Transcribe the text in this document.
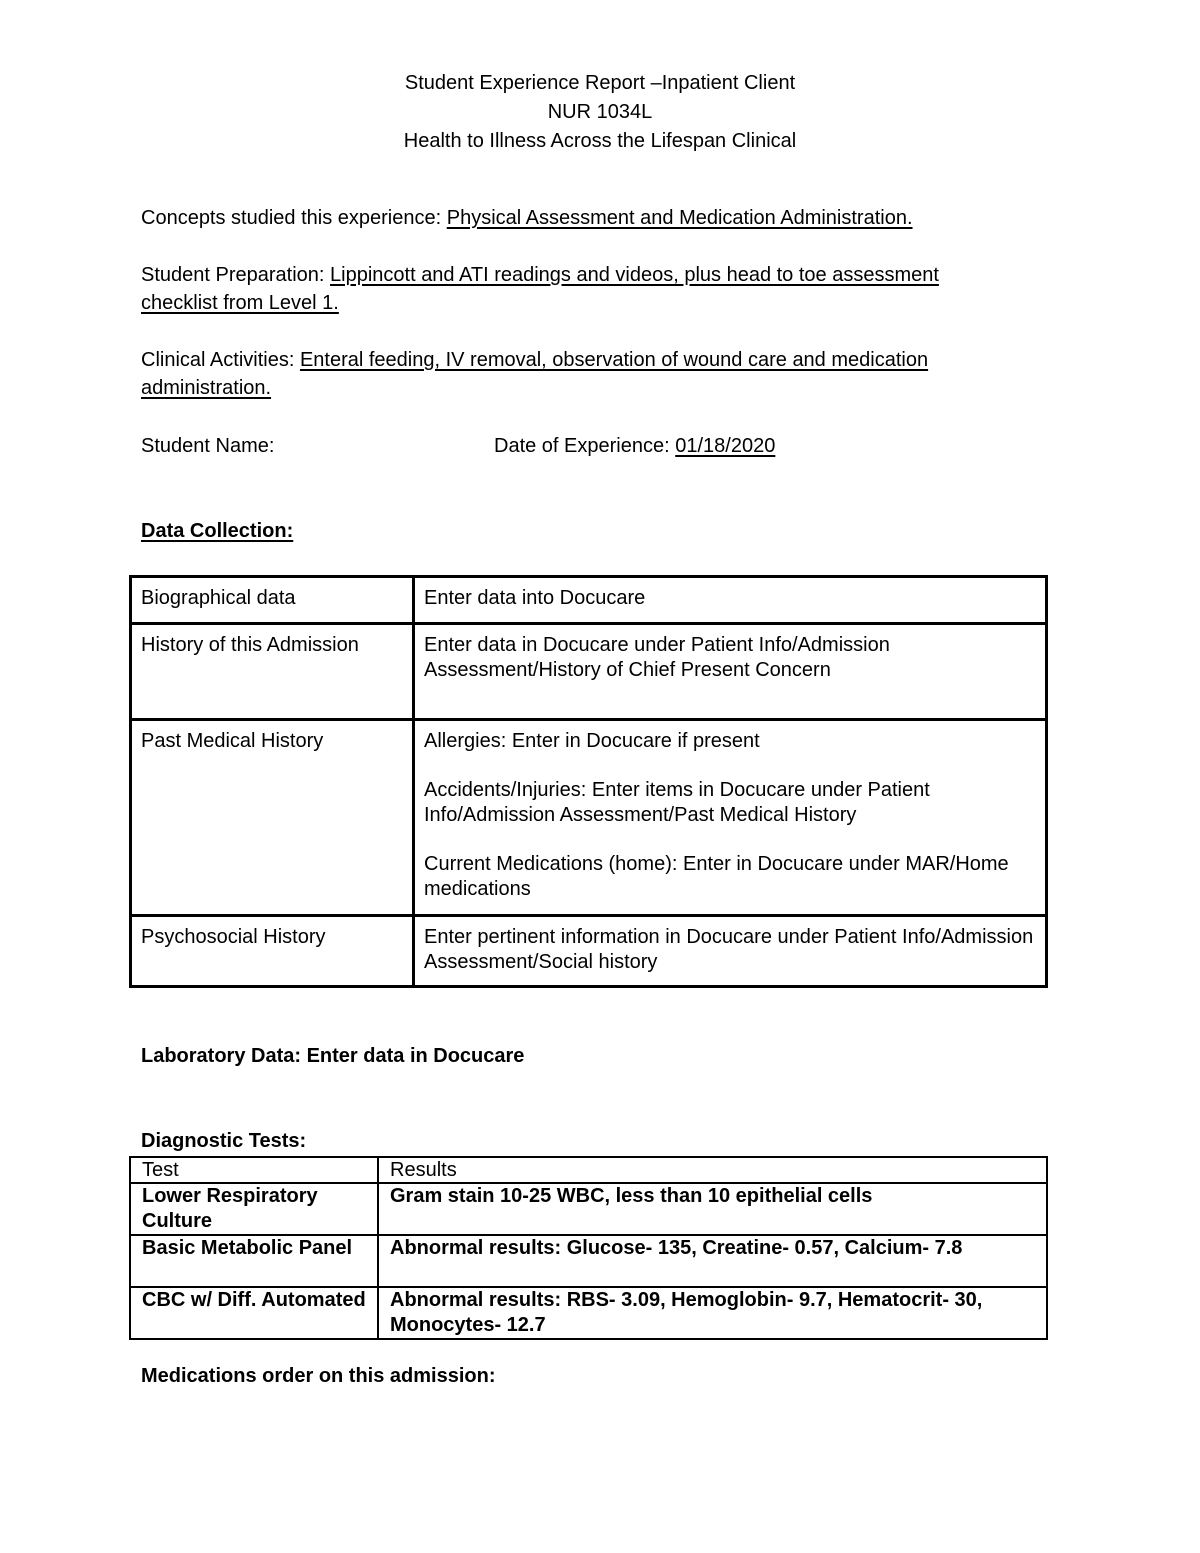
Student Experience Report –Inpatient Client
NUR 1034L
Health to Illness Across the Lifespan Clinical
Concepts studied this experience: Physical Assessment and Medication Administration.
Student Preparation: Lippincott and ATI readings and videos, plus head to toe assessment
checklist from Level 1.
Clinical Activities: Enteral feeding, IV removal, observation of wound care and medication
administration.
Student Name:	Date of Experience: 01/18/2020
Data Collection:
Biographical data	Enter data into Docucare

History of this Admission	Enter data in Docucare under Patient Info/Admission Assessment/History of Chief Present Concern

Past Medical History	Allergies: Enter in Docucare if present

Accidents/Injuries: Enter items in Docucare under Patient Info/Admission Assessment/Past Medical History

Current Medications (home): Enter in Docucare under MAR/Home medications

Psychosocial History	Enter pertinent information in Docucare under Patient Info/Admission Assessment/Social history

Laboratory Data: Enter data in Docucare
Diagnostic Tests:
Test	Results
Lower Respiratory Culture	Gram stain 10-25 WBC, less than 10 epithelial cells
Basic Metabolic Panel	Abnormal results: Glucose- 135, Creatine- 0.57, Calcium- 7.8
CBC w/ Diff. Automated	Abnormal results: RBS- 3.09, Hemoglobin- 9.7, Hematocrit- 30, Monocytes- 12.7
Medications order on this admission:
